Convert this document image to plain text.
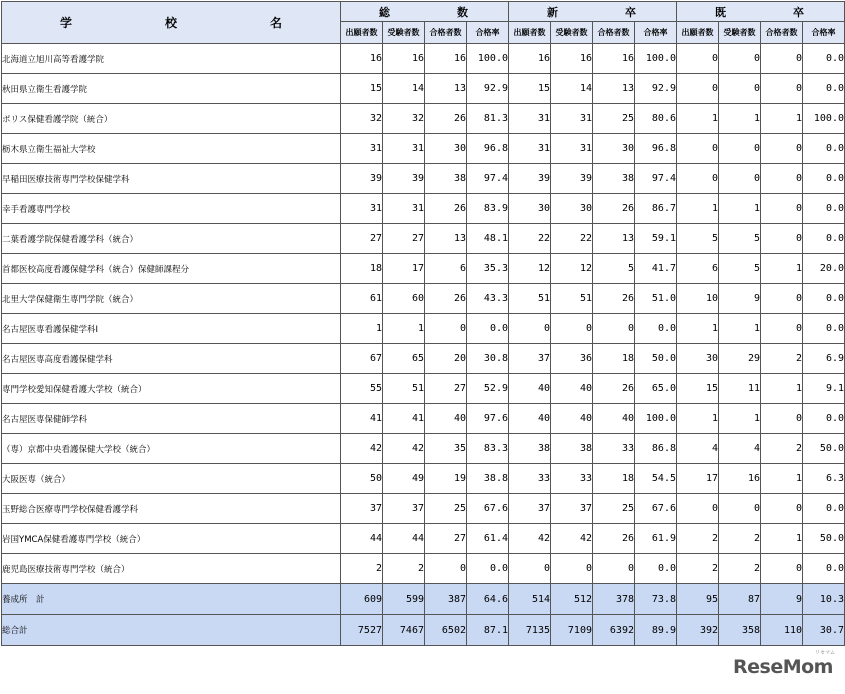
学 校 名	総 数				新 卒				既 卒			

	出願者数	受験者数	合格者数	合格率	出願者数	受験者数	合格者数	合格率	出願者数	受験者数	合格者数	合格率
北海道立旭川高等看護学院	16	16	16	100.0	16	16	16	100.0	0	0	0	0.0
秋田県立衛生看護学院	15	14	13	92.9	15	14	13	92.9	0	0	0	0.0
ポリス保健看護学院（統合）	32	32	26	81.3	31	31	25	80.6	1	1	1	100.0
栃木県立衛生福祉大学校	31	31	30	96.8	31	31	30	96.8	0	0	0	0.0
早稲田医療技術専門学校保健学科	39	39	38	97.4	39	39	38	97.4	0	0	0	0.0
幸手看護専門学校	31	31	26	83.9	30	30	26	86.7	1	1	0	0.0
二葉看護学院保健看護学科（統合）	27	27	13	48.1	22	22	13	59.1	5	5	0	0.0
首都医校高度看護保健学科（統合）保健師課程分	18	17	6	35.3	12	12	5	41.7	6	5	1	20.0
北里大学保健衛生専門学院（統合）	61	60	26	43.3	51	51	26	51.0	10	9	0	0.0
名古屋医専看護保健学科Ⅰ	1	1	0	0.0	0	0	0	0.0	1	1	0	0.0
名古屋医専高度看護保健学科	67	65	20	30.8	37	36	18	50.0	30	29	2	6.9
専門学校愛知保健看護大学校（統合）	55	51	27	52.9	40	40	26	65.0	15	11	1	9.1
名古屋医専保健師学科	41	41	40	97.6	40	40	40	100.0	1	1	0	0.0
（専）京都中央看護保健大学校（統合）	42	42	35	83.3	38	38	33	86.8	4	4	2	50.0
大阪医専（統合）	50	49	19	38.8	33	33	18	54.5	17	16	1	6.3
玉野総合医療専門学校保健看護学科	37	37	25	67.6	37	37	25	67.6	0	0	0	0.0
岩国YMCA保健看護専門学校（統合）	44	44	27	61.4	42	42	26	61.9	2	2	1	50.0
鹿児島医療技術専門学校（統合）	2	2	0	0.0	0	0	0	0.0	2	2	0	0.0
養成所　計	609	599	387	64.6	514	512	378	73.8	95	87	9	10.3
総合計	7527	7467	6502	87.1	7135	7109	6392	89.9	392	358	110	30.7
リセマム
ReseMom
